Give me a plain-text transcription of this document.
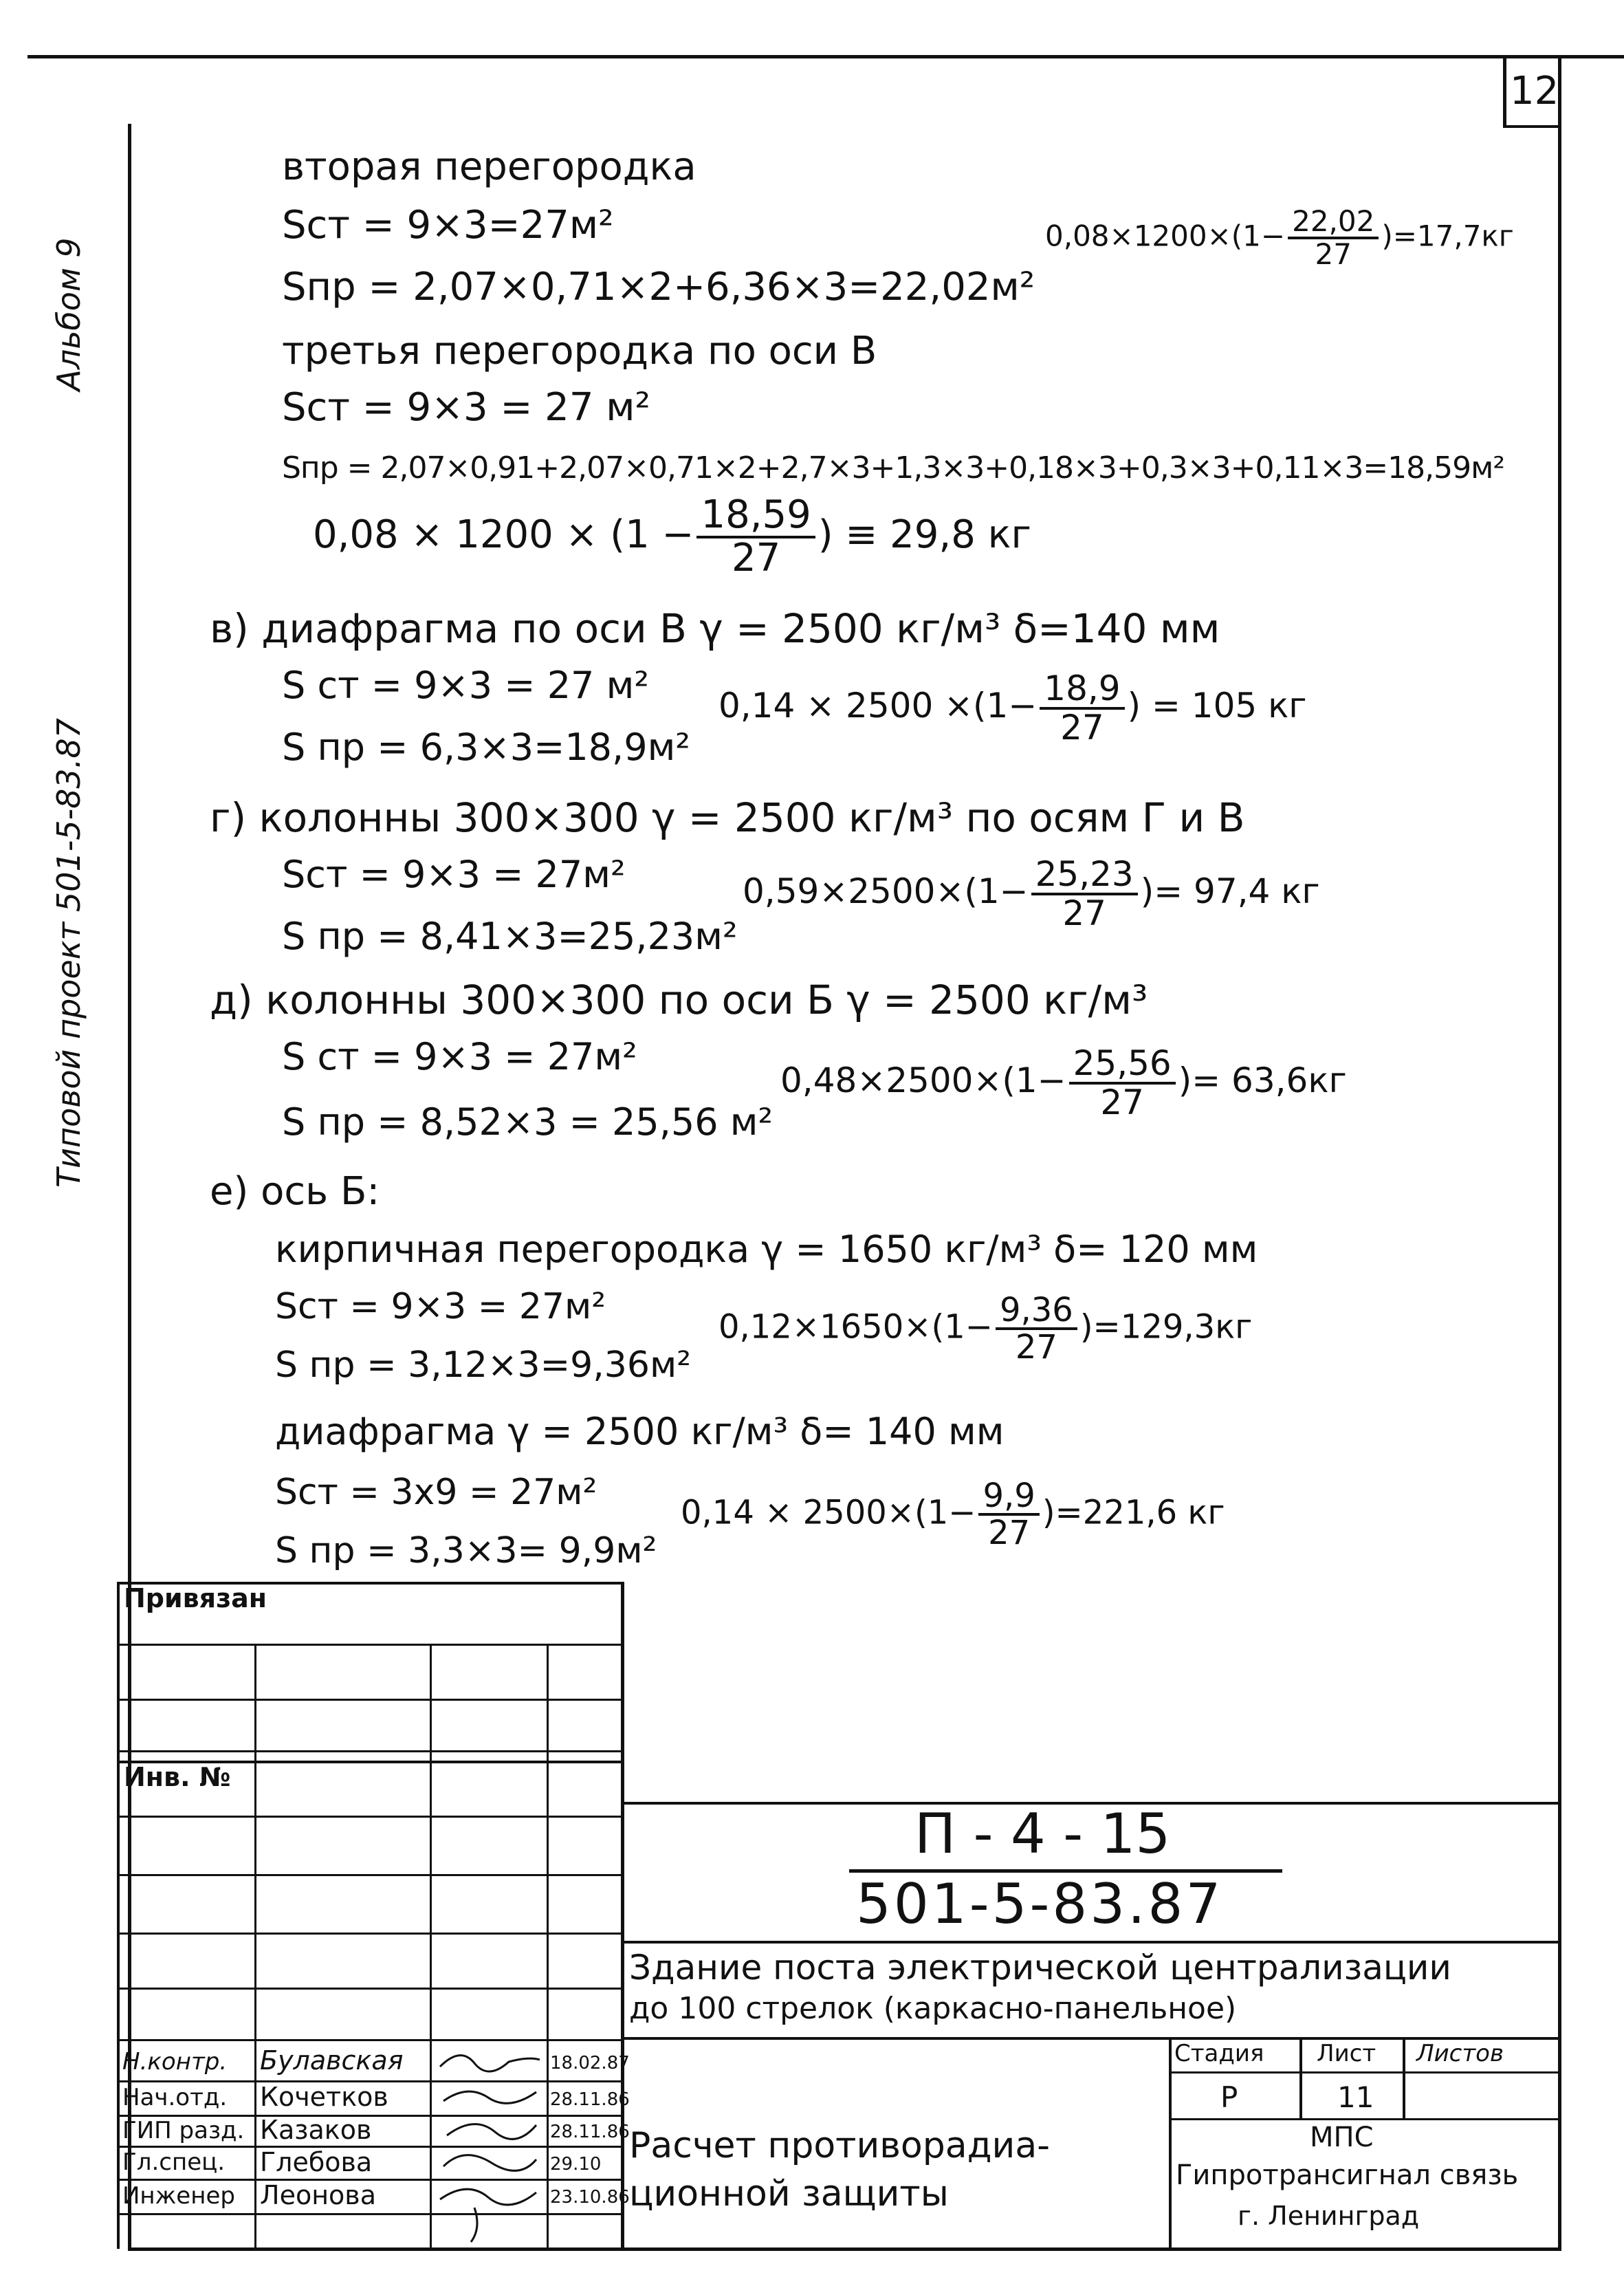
12
Альбом 9
Типовой проект 501-5-83.87
вторая перегородка
Sст = 9×3=27м²
Sпр = 2,07×0,71×2+6,36×3=22,02м²
$0,08\times 1200\times(1- \frac{22,02}{27} )=17,7кг$
третья перегородка по оси В
Sст = 9×3 = 27 м²
Sпр = 2,07×0,91+2,07×0,71×2+2,7×3+1,3×3+0,18×3+0,3×3+0,11×3=18,59м²
$0,08 \times 1200 \times (1 - \frac{18,59}{27}$ ) ≡ 29,8 кг
в) диафрагма по оси В γ = 2500 кг/м³ δ=140 мм
S ст = 9×3 = 27 м²
S пр = 6,3×3=18,9м²
$0,14 \times 2500 \times(1- \frac{18,9}{27}$ ) = 105 кг
г) колонны 300×300 γ = 2500 кг/м³ по осям Г и В
Sст = 9×3 = 27м²
S пр = 8,41×3=25,23м²
$0,59\times 2500\times(1- \frac{25,23}{27}$ )= 97,4 кг
д) колонны 300×300 по оси Б γ = 2500 кг/м³
S ст = 9×3 = 27м²
S пр = 8,52×3 = 25,56 м²
$0,48\times 2500\times(1- \frac{25,56}{27}$ )= 63,6кг
е) ось Б:
кирпичная перегородка γ = 1650 кг/м³ δ= 120 мм
Sст = 9×3 = 27м²
S пр = 3,12×3=9,36м²
$0,12\times 1650\times(1- \frac{9,36}{27} )=129,3кг$
диафрагма γ = 2500 кг/м³ δ= 140 мм
Sст = 3х9 = 27м²
S пр = 3,3×3= 9,9м²
$0,14 \times 2500\times(1- \frac{9,9}{27} )=221,6$ кг
Привязан
Инв. №
Н.контр. Булавская	18.02.87
Нач.отд. Кочетков	28.11.86
ГИП разд. Казаков	28.11.86
Гл.спец. Глебова	29.10
Инженер Леонова	23.10.86
П - 4 - 15
501-5-83.87
Здание поста электрической централизации
до 100 стрелок (каркасно-панельное)
Стадия Лист Листов
Р	11
Расчет противорадиа-
ционной защиты
МПС
Гипротрансигнал связь
г. Ленинград
